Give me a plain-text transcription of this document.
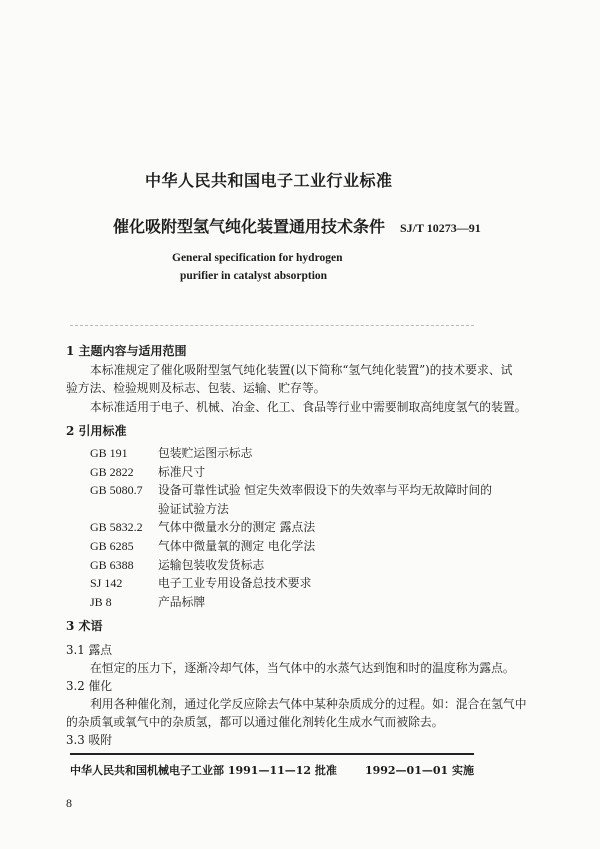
中华人民共和国电子工业行业标准
催化吸附型氢气纯化装置通用技术条件 SJ/T 10273—91
General specification for hydrogen
purifier in catalyst absorption
1 主题内容与适用范围
本标准规定了催化吸附型氢气纯化装置(以下简称“氢气纯化装置”)的技术要求、试
验方法、检验规则及标志、包装、运输、贮存等。
本标准适用于电子、机械、冶金、化工、食品等行业中需要制取高纯度氢气的装置。
2 引用标准
GB 191	包装贮运图示标志
GB 2822 标准尺寸
GB 5080.7 设备可靠性试验 恒定失效率假设下的失效率与平均无故障时间的
验证试验方法
GB 5832.2 气体中微量水分的测定 露点法
GB 6285 气体中微量氧的测定 电化学法
GB 6388 运输包装收发货标志
SJ 142	电子工业专用设备总技术要求
JB 8	产品标牌
3 术语
3.1 露点
在恒定的压力下，逐渐冷却气体，当气体中的水蒸气达到饱和时的温度称为露点。
3.2 催化
利用各种催化剂，通过化学反应除去气体中某种杂质成分的过程。如：混合在氢气中
的杂质氧或氧气中的杂质氢，都可以通过催化剂转化生成水气而被除去。
3.3 吸附
中华人民共和国机械电子工业部 1991—11—12 批准	1992—01—01 实施
8
